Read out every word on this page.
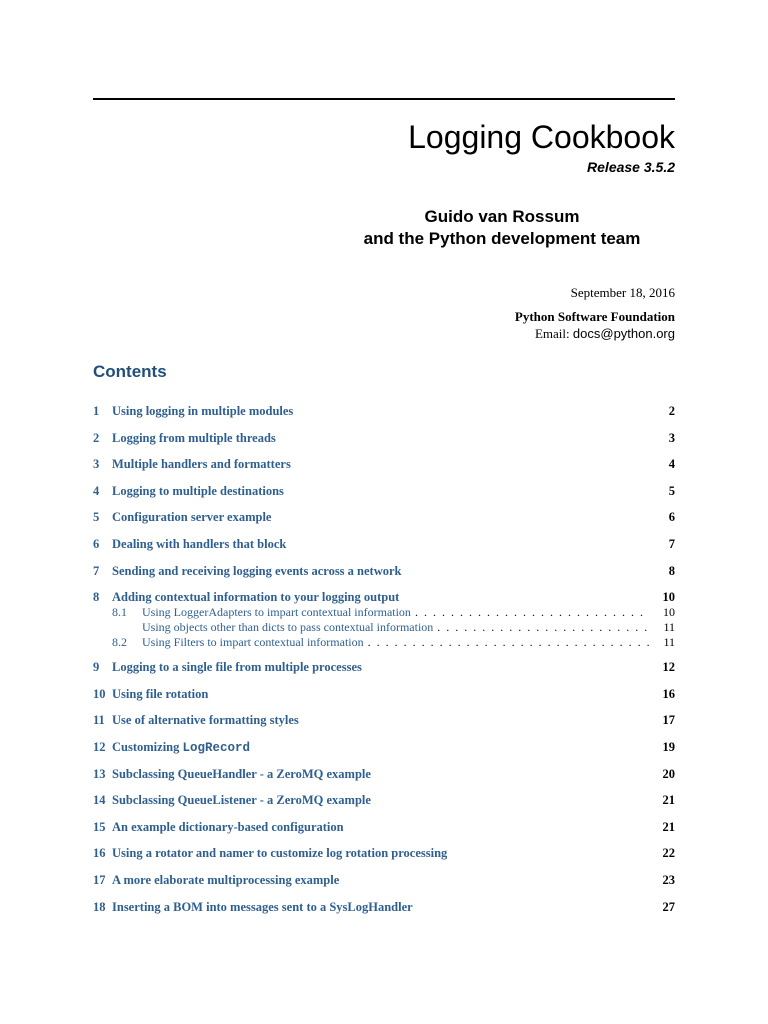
Logging Cookbook
Release 3.5.2
Guido van Rossum
and the Python development team
September 18, 2016
Python Software Foundation
Email: docs@python.org
Contents
1	Using logging in multiple modules	2
2	Logging from multiple threads	3
3	Multiple handlers and formatters	4
4	Logging to multiple destinations	5
5	Configuration server example	6
6	Dealing with handlers that block	7
7	Sending and receiving logging events across a network	8
8	Adding contextual information to your logging output	10
8.1	Using LoggerAdapters to impart contextual information . . .	10
Using objects other than dicts to pass contextual information . . .	11
8.2	Using Filters to impart contextual information . . .	11
9	Logging to a single file from multiple processes	12
10 Using file rotation	16
11 Use of alternative formatting styles	17
12 Customizing LogRecord	19
13 Subclassing QueueHandler - a ZeroMQ example	20
14 Subclassing QueueListener - a ZeroMQ example	21
15 An example dictionary-based configuration	21
16 Using a rotator and namer to customize log rotation processing	22
17 A more elaborate multiprocessing example	23
18 Inserting a BOM into messages sent to a SysLogHandler	27
